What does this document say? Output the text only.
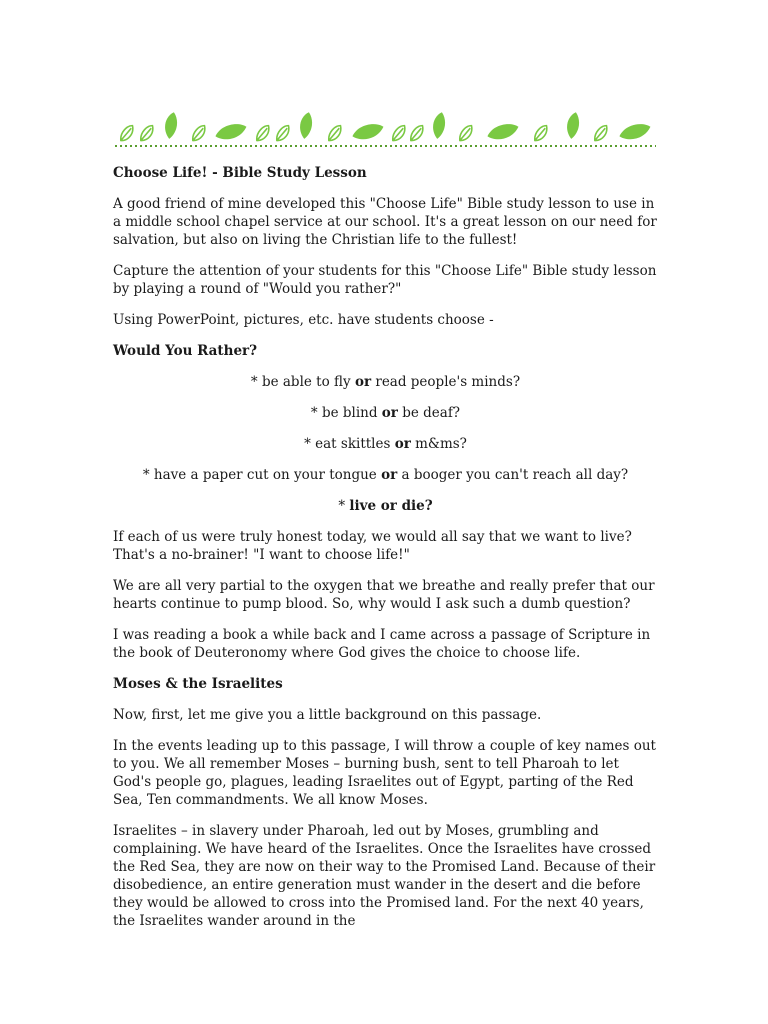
Choose Life! - Bible Study Lesson

A good friend of mine developed this "Choose Life" Bible study lesson to use in a middle school chapel service at our school. It's a great lesson on our need for salvation, but also on living the Christian life to the fullest!

Capture the attention of your students for this "Choose Life" Bible study lesson by playing a round of "Would you rather?"

Using PowerPoint, pictures, etc. have students choose -

Would You Rather?

* be able to fly or read people's minds?

* be blind or be deaf?

* eat skittles or m&ms?

* have a paper cut on your tongue or a booger you can't reach all day?

* live or die?

If each of us were truly honest today, we would all say that we want to live? That's a no-brainer! "I want to choose life!"

We are all very partial to the oxygen that we breathe and really prefer that our hearts continue to pump blood. So, why would I ask such a dumb question?

I was reading a book a while back and I came across a passage of Scripture in the book of Deuteronomy where God gives the choice to choose life.

Moses & the Israelites

Now, first, let me give you a little background on this passage.

In the events leading up to this passage, I will throw a couple of key names out to you. We all remember Moses – burning bush, sent to tell Pharoah to let God's people go, plagues, leading Israelites out of Egypt, parting of the Red Sea, Ten commandments. We all know Moses.

Israelites – in slavery under Pharoah, led out by Moses, grumbling and complaining. We have heard of the Israelites. Once the Israelites have crossed the Red Sea, they are now on their way to the Promised Land. Because of their disobedience, an entire generation must wander in the desert and die before they would be allowed to cross into the Promised land. For the next 40 years, the Israelites wander around in the
